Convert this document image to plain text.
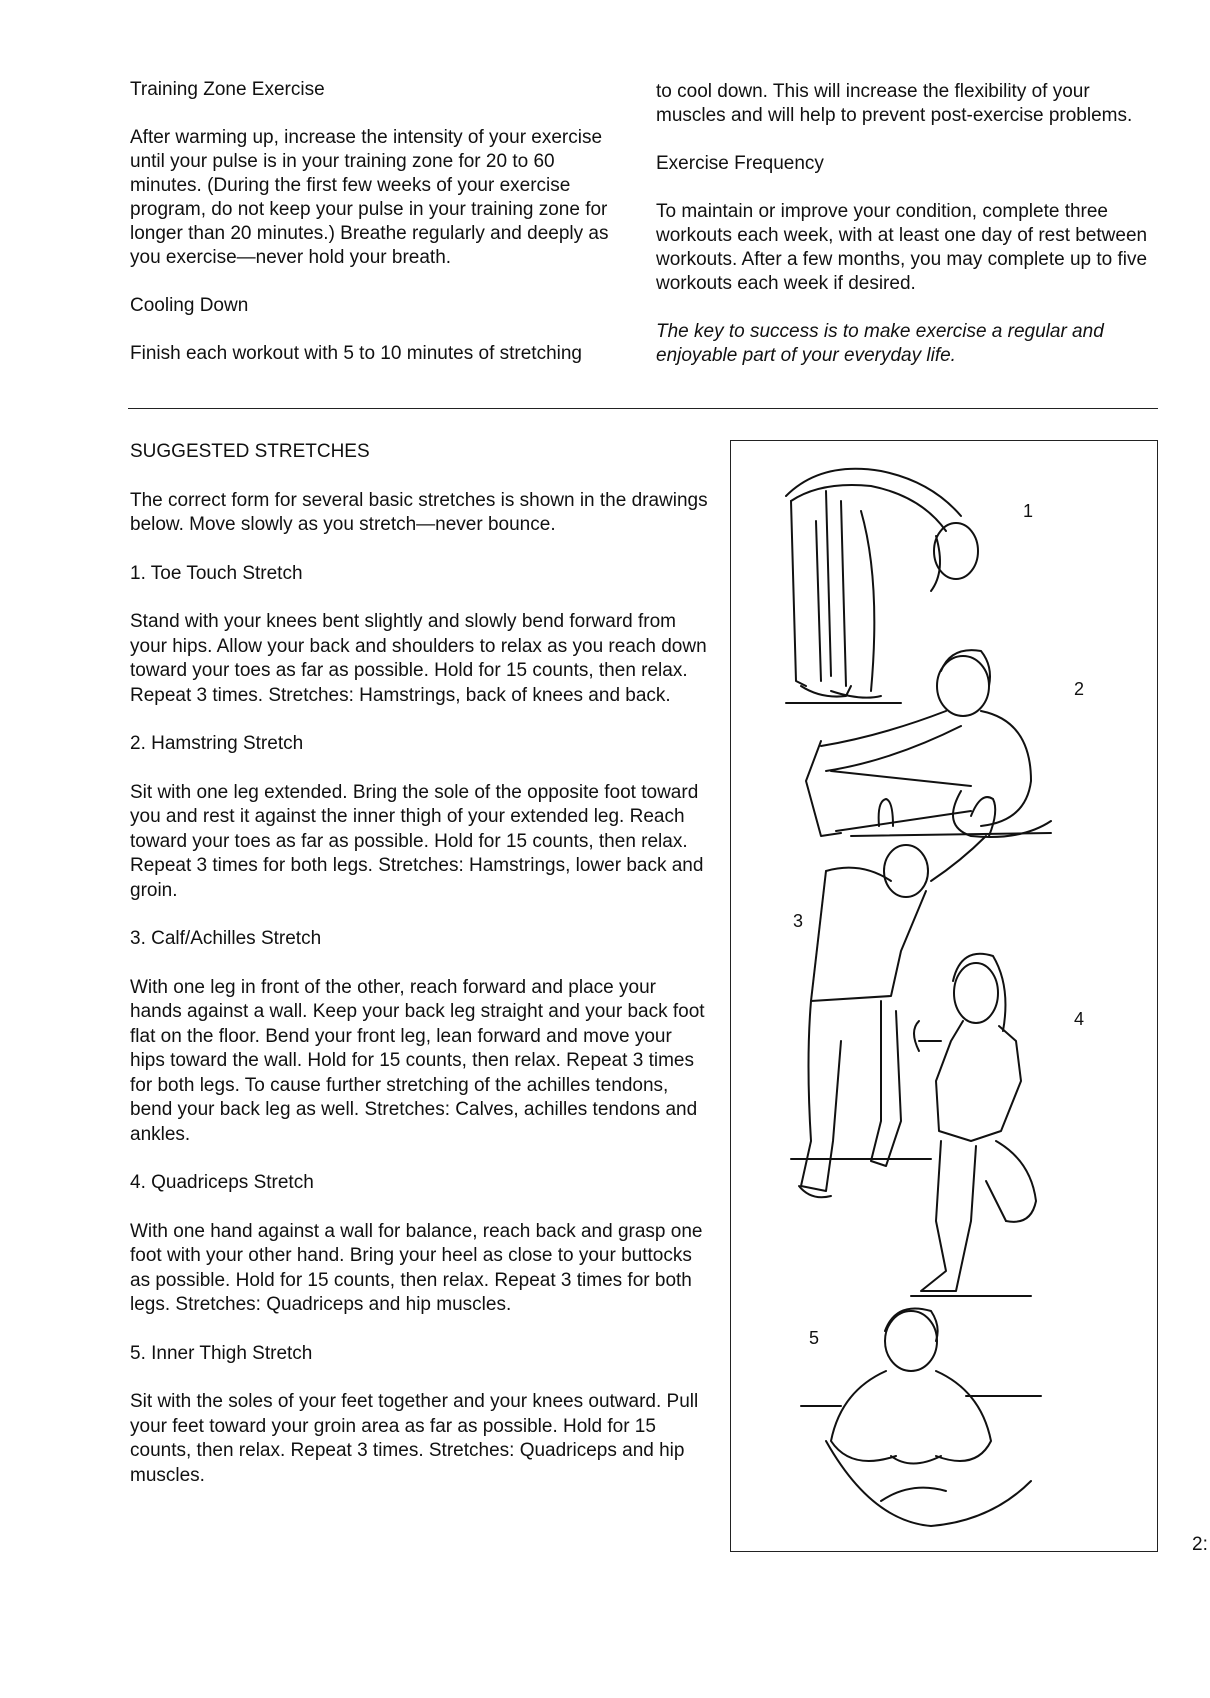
Training Zone Exercise

After warming up, increase the intensity of your exercise until your pulse is in your training zone for 20 to 60 minutes. (During the first few weeks of your exercise program, do not keep your pulse in your training zone for longer than 20 minutes.) Breathe regularly and deeply as you exercise—never hold your breath.

Cooling Down

Finish each workout with 5 to 10 minutes of stretching

to cool down. This will increase the flexibility of your muscles and will help to prevent post-exercise problems.

Exercise Frequency

To maintain or improve your condition, complete three workouts each week, with at least one day of rest between workouts. After a few months, you may complete up to five workouts each week if desired.

The key to success is to make exercise a regular and enjoyable part of your everyday life.

SUGGESTED STRETCHES

The correct form for several basic stretches is shown in the drawings below. Move slowly as you stretch—never bounce.

1. Toe Touch Stretch

Stand with your knees bent slightly and slowly bend forward from your hips. Allow your back and shoulders to relax as you reach down toward your toes as far as possible. Hold for 15 counts, then relax. Repeat 3 times. Stretches: Hamstrings, back of knees and back.

2. Hamstring Stretch

Sit with one leg extended. Bring the sole of the opposite foot toward you and rest it against the inner thigh of your extended leg. Reach toward your toes as far as possible. Hold for 15 counts, then relax. Repeat 3 times for both legs. Stretches: Hamstrings, lower back and groin.

3. Calf/Achilles Stretch

With one leg in front of the other, reach forward and place your hands against a wall. Keep your back leg straight and your back foot flat on the floor. Bend your front leg, lean forward and move your hips toward the wall. Hold for 15 counts, then relax. Repeat 3 times for both legs. To cause further stretching of the achilles tendons, bend your back leg as well. Stretches: Calves, achilles tendons and ankles.

4. Quadriceps Stretch

With one hand against a wall for balance, reach back and grasp one foot with your other hand. Bring your heel as close to your buttocks as possible. Hold for 15 counts, then relax. Repeat 3 times for both legs. Stretches: Quadriceps and hip muscles.

5. Inner Thigh Stretch

Sit with the soles of your feet together and your knees outward. Pull your feet toward your groin area as far as possible. Hold for 15 counts, then relax. Repeat 3 times. Stretches: Quadriceps and hip muscles.

1
2
3
4
5
2:
